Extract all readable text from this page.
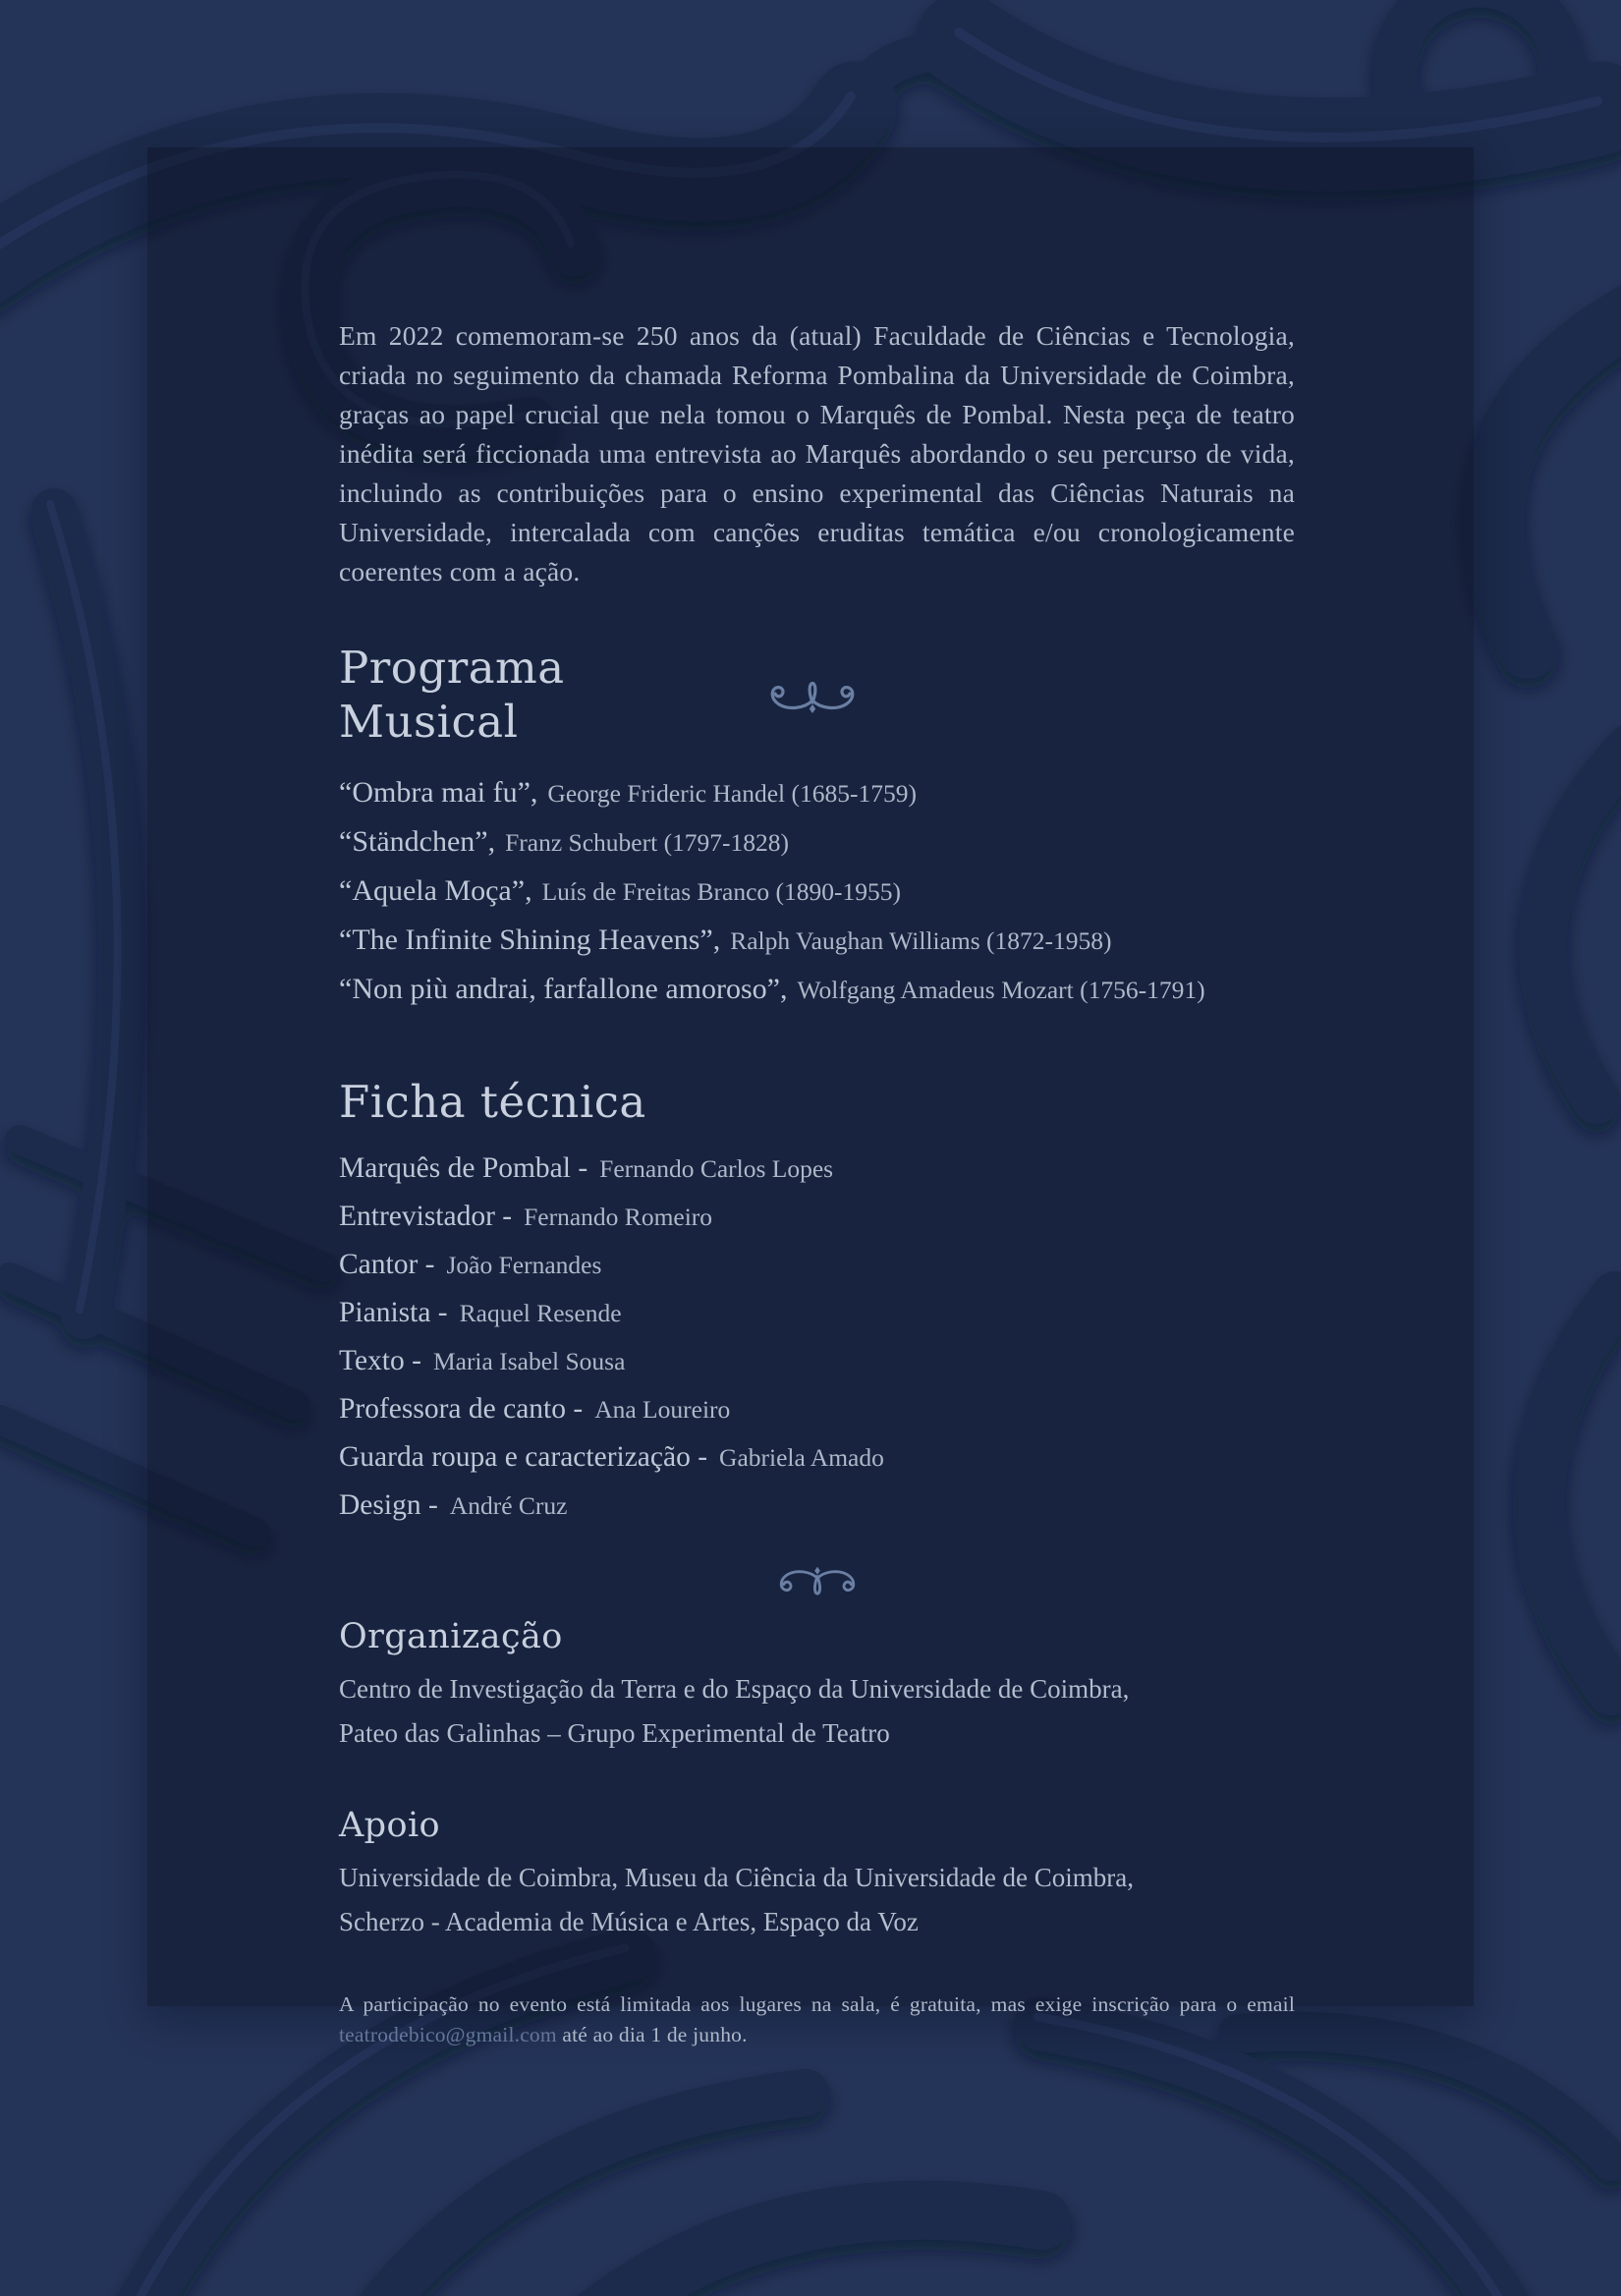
Em 2022 comemoram-se 250 anos da (atual) Faculdade de Ciências e Tecnologia, criada no seguimento da chamada Reforma Pombalina da Universidade de Coimbra, graças ao papel crucial que nela tomou o Marquês de Pombal. Nesta peça de teatro inédita será ficcionada uma entrevista ao Marquês abordando o seu percurso de vida, incluindo as contribuições para o ensino experimental das Ciências Naturais na Universidade, intercalada com canções eruditas temática e/ou cronologicamente coerentes com a ação.

Programa
Musical
“Ombra mai fu”, George Frideric Handel (1685-1759)
“Ständchen”, Franz Schubert (1797-1828)
“Aquela Moça”, Luís de Freitas Branco (1890-1955)
“The Infinite Shining Heavens”, Ralph Vaughan Williams (1872-1958)
“Non più andrai, farfallone amoroso”, Wolfgang Amadeus Mozart (1756-1791)
Ficha técnica
Marquês de Pombal - Fernando Carlos Lopes
Entrevistador - Fernando Romeiro
Cantor - João Fernandes
Pianista - Raquel Resende
Texto - Maria Isabel Sousa
Professora de canto - Ana Loureiro
Guarda roupa e caracterização - Gabriela Amado
Design - André Cruz
Organização

Centro de Investigação da Terra e do Espaço da Universidade de Coimbra,
Pateo das Galinhas – Grupo Experimental de Teatro

Apoio

Universidade de Coimbra, Museu da Ciência da Universidade de Coimbra,
Scherzo - Academia de Música e Artes, Espaço da Voz

A participação no evento está limitada aos lugares na sala, é gratuita, mas exige inscrição para o email
teatrodebico@gmail.com até ao dia 1 de junho.
